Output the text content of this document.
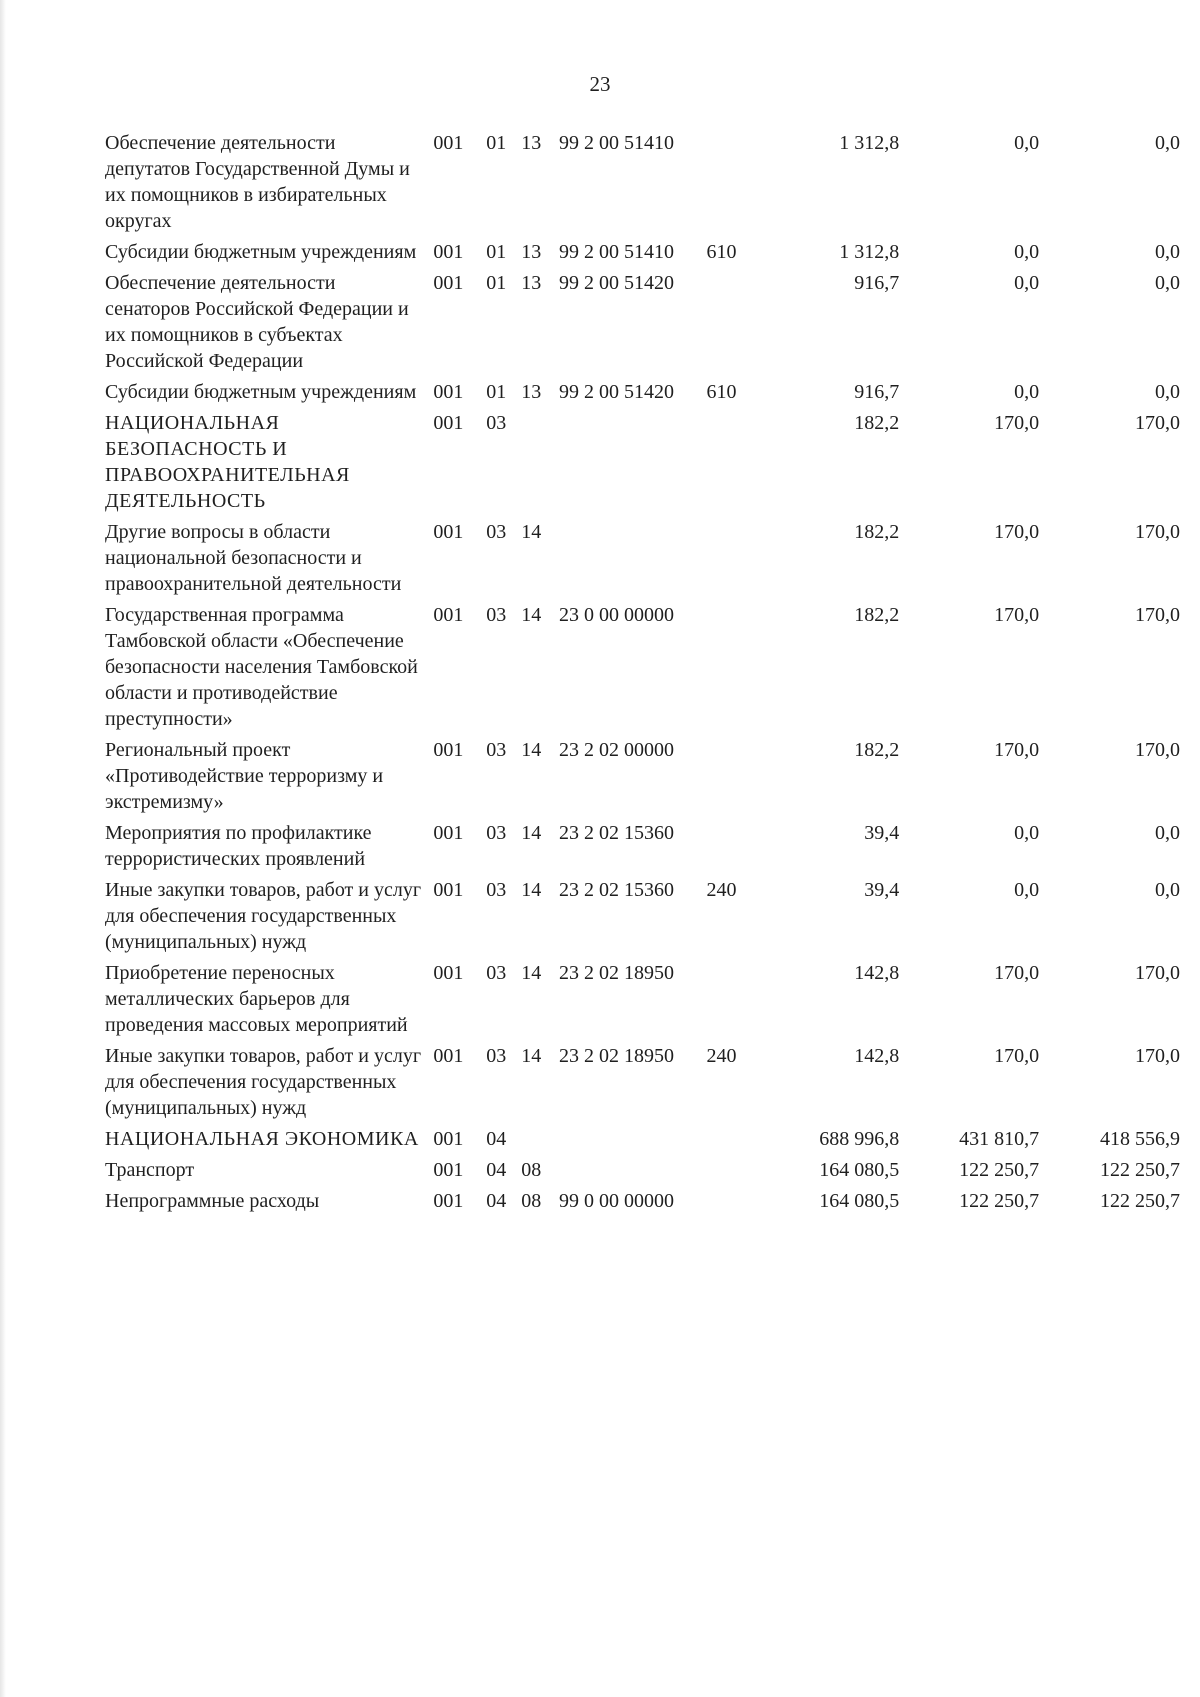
23
Обеспечение деятельности депутатов Государственной Думы и их помощников в избирательных округах	001	01	13	99 2 00 51410		1 312,8	0,0	0,0
Субсидии бюджетным учреждениям	001	01	13	99 2 00 51410	610	1 312,8	0,0	0,0
Обеспечение деятельности сенаторов Российской Федерации и их помощников в субъектах Российской Федерации	001	01	13	99 2 00 51420		916,7	0,0	0,0
Субсидии бюджетным учреждениям	001	01	13	99 2 00 51420	610	916,7	0,0	0,0
НАЦИОНАЛЬНАЯ БЕЗОПАСНОСТЬ И ПРАВООХРАНИТЕЛЬНАЯ ДЕЯТЕЛЬНОСТЬ	001	03				182,2	170,0	170,0
Другие вопросы в области национальной безопасности и правоохранительной деятельности	001	03	14			182,2	170,0	170,0
Государственная программа Тамбовской области «Обеспечение безопасности населения Тамбовской области и противодействие преступности»	001	03	14	23 0 00 00000		182,2	170,0	170,0
Региональный проект «Противодействие терроризму и экстремизму»	001	03	14	23 2 02 00000		182,2	170,0	170,0
Мероприятия по профилактике террористических проявлений	001	03	14	23 2 02 15360		39,4	0,0	0,0
Иные закупки товаров, работ и услуг для обеспечения государственных (муниципальных) нужд	001	03	14	23 2 02 15360	240	39,4	0,0	0,0
Приобретение переносных металлических барьеров для проведения массовых мероприятий	001	03	14	23 2 02 18950		142,8	170,0	170,0
Иные закупки товаров, работ и услуг для обеспечения государственных (муниципальных) нужд	001	03	14	23 2 02 18950	240	142,8	170,0	170,0
НАЦИОНАЛЬНАЯ ЭКОНОМИКА	001	04				688 996,8	431 810,7	418 556,9
Транспорт	001	04	08			164 080,5	122 250,7	122 250,7
Непрограммные расходы	001	04	08	99 0 00 00000		164 080,5	122 250,7	122 250,7
